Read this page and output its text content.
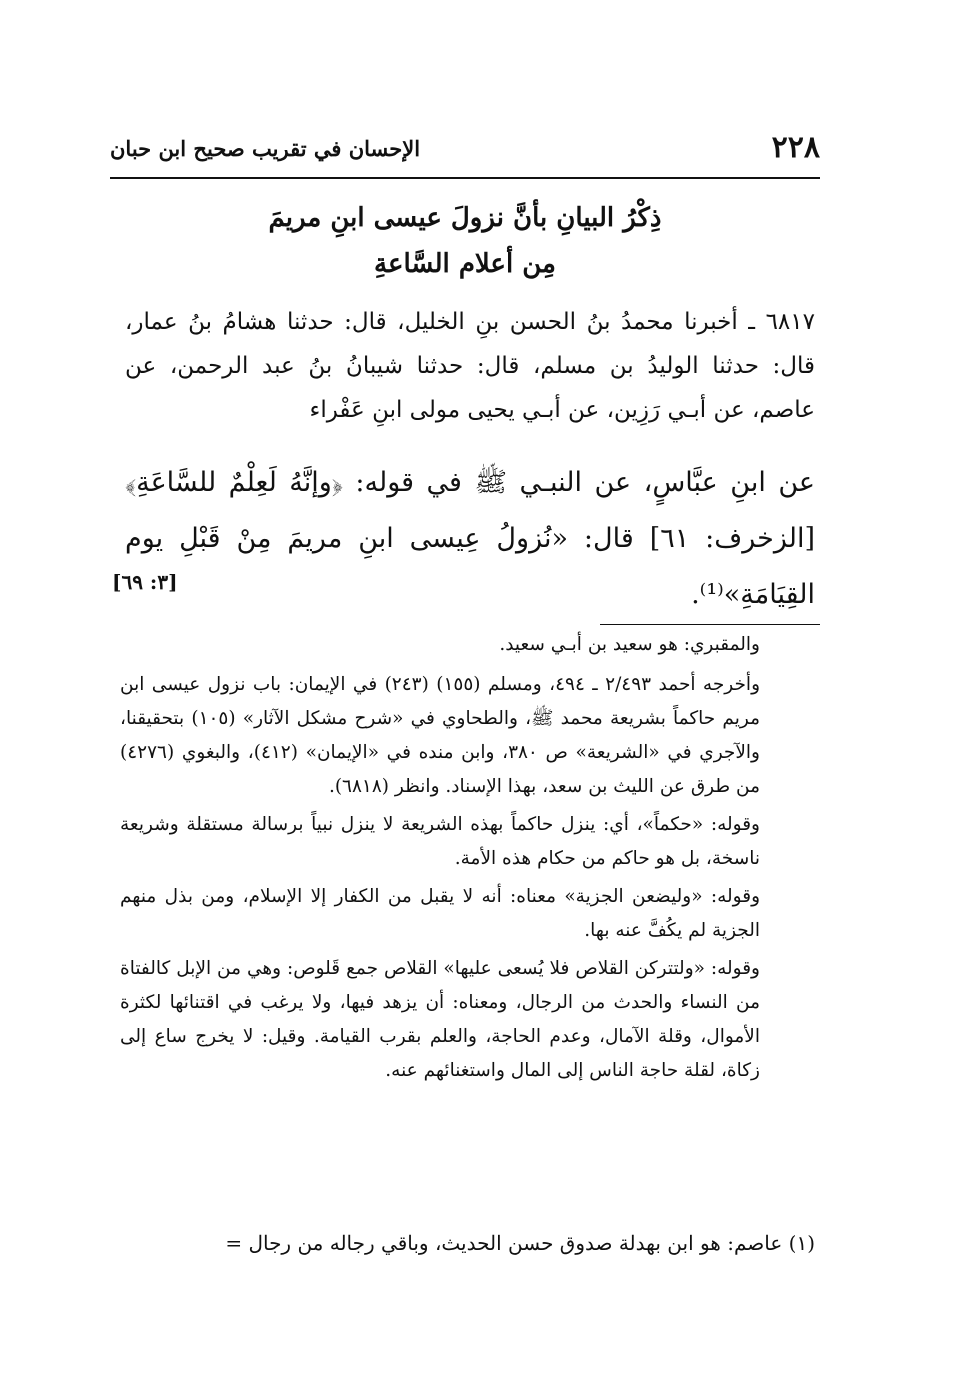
٢٢٨
الإحسان في تقريب صحيح ابن حبان
ذِكْرُ البيانِ بأنَّ نزولَ عيسى ابنِ مريمَ
مِن أعلام السَّاعةِ

٦٨١٧ ـ أخبرنا محمدُ بنُ الحسن بنِ الخليل، قال: حدثنا هشامُ بنُ عمار، قال: حدثنا الوليدُ بن مسلم، قال: حدثنا شيبانُ بنُ عبد الرحمن، عن عاصم، عن أبـي رَزِين، عن أبـي يحيى مولى ابنِ عَفْراء

عن ابنِ عبَّاسٍ، عن النبـي ﷺ في قوله: ﴿وإنَّهُ لَعِلْمٌ للسَّاعَةِ﴾ [الزخرف: ٦١] قال: «نُزولُ عِيسى ابنِ مريمَ مِنْ قَبْلِ يوم القِيَامَةِ»⁽¹⁾.

[٣: ٦٩]

والمقبري: هو سعيد بن أبـي سعيد.

وأخرجه أحمد ٢/٤٩٣ ـ ٤٩٤، ومسلم (١٥٥) (٢٤٣) في الإيمان: باب نزول عيسى ابن مريم حاكماً بشريعة محمد ﷺ، والطحاوي في «شرح مشكل الآثار» (١٠٥) بتحقيقنا، والآجري في «الشريعة» ص ٣٨٠، وابن منده في «الإيمان» (٤١٢)، والبغوي (٤٢٧٦) من طرق عن الليث بن سعد، بهذا الإسناد. وانظر (٦٨١٨).

وقوله: «حكماً»، أي: ينزل حاكماً بهذه الشريعة لا ينزل نبياً برسالة مستقلة وشريعة ناسخة، بل هو حاكم من حكام هذه الأمة.

وقوله: «وليضعن الجزية» معناه: أنه لا يقبل من الكفار إلا الإسلام، ومن بذل منهم الجزية لم يكُفَّ عنه بها.

وقوله: «ولتتركن القلاص فلا يُسعى عليها» القلاص جمع قَلوص: وهي من الإبل كالفتاة من النساء والحدث من الرجال، ومعناه: أن يزهد فيها، ولا يرغب في اقتنائها لكثرة الأموال، وقلة الآمال، وعدم الحاجة، والعلم بقرب القيامة. وقيل: لا يخرج ساع إلى زكاة، لقلة حاجة الناس إلى المال واستغنائهم عنه.

(١) عاصم: هو ابن بهدلة صدوق حسن الحديث، وباقي رجاله من رجال =
